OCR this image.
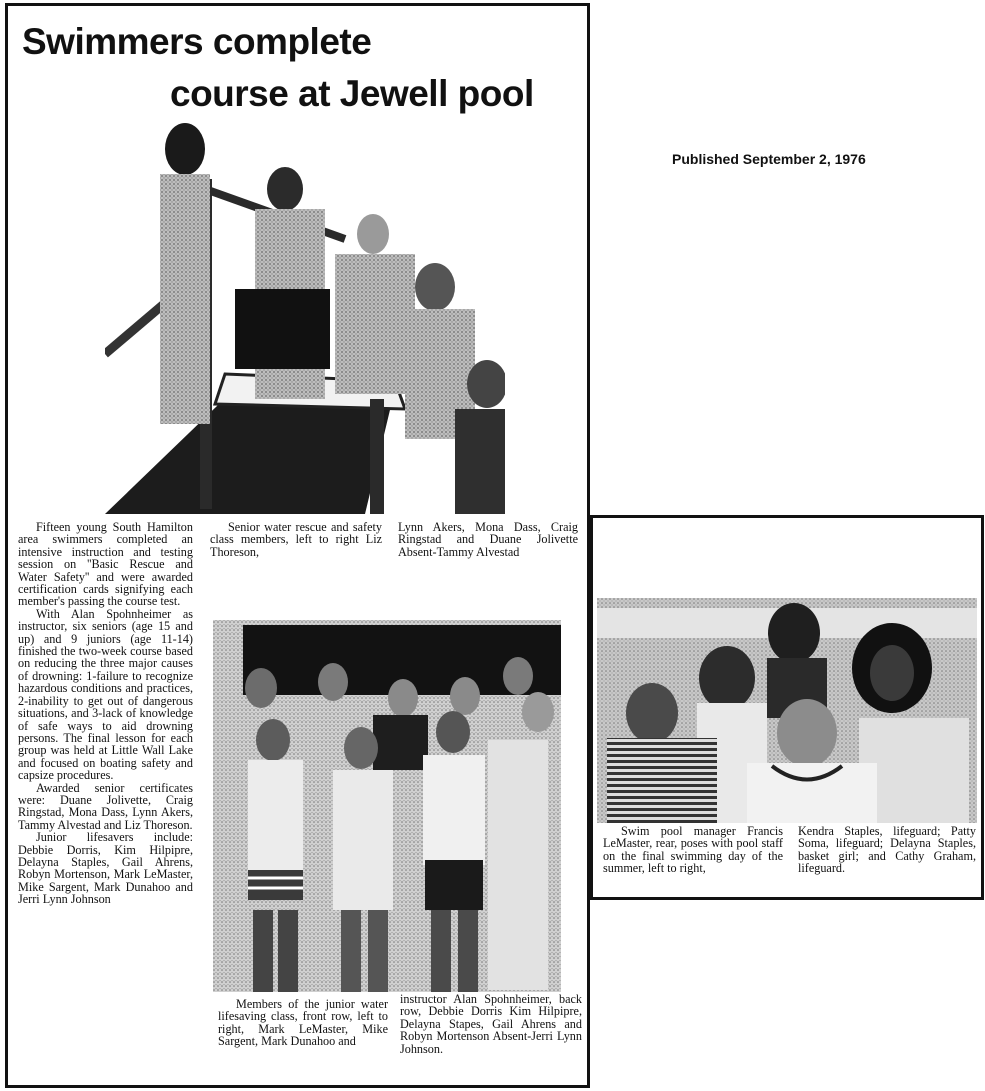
Swimmers complete
course at Jewell pool

Fifteen young South Hamilton area swimmers completed an intensive instruction and testing session on ''Basic Rescue and Water Safety'' and were awarded certification cards signifying each member's passing the course test.

With Alan Spohnheimer as instructor, six seniors (age 15 and up) and 9 juniors (age 11-14) finished the two-week course based on reducing the three major causes of drowning: 1-failure to recognize hazardous conditions and practices, 2-inability to get out of dangerous situations, and 3-lack of knowledge of safe ways to aid drowning persons. The final lesson for each group was held at Little Wall Lake and focused on boating safety and capsize procedures.

Awarded senior certificates were: Duane Jolivette, Craig Ringstad, Mona Dass, Lynn Akers, Tammy Alvestad and Liz Thoreson.

Junior lifesavers include: Debbie Dorris, Kim Hilpipre, Delayna Staples, Gail Ahrens, Robyn Mortenson, Mark LeMaster, Mike Sargent, Mark Dunahoo and Jerri Lynn Johnson

Senior water rescue and safety class members, left to right Liz Thoreson,

Lynn Akers, Mona Dass, Craig Ringstad and Duane Jolivette Absent-Tammy Alvestad

Members of the junior water lifesaving class, front row, left to right, Mark LeMaster, Mike Sargent, Mark Dunahoo and

instructor Alan Spohnheimer, back row, Debbie Dorris Kim Hilpipre, Delayna Stapes, Gail Ahrens and Robyn Mortenson Absent-Jerri Lynn Johnson.

Published September 2, 1976

Swim pool manager Francis LeMaster, rear, poses with pool staff on the final swimming day of the summer, left to right,

Kendra Staples, lifeguard; Patty Soma, lifeguard; Delayna Staples, basket girl; and Cathy Graham, lifeguard.
